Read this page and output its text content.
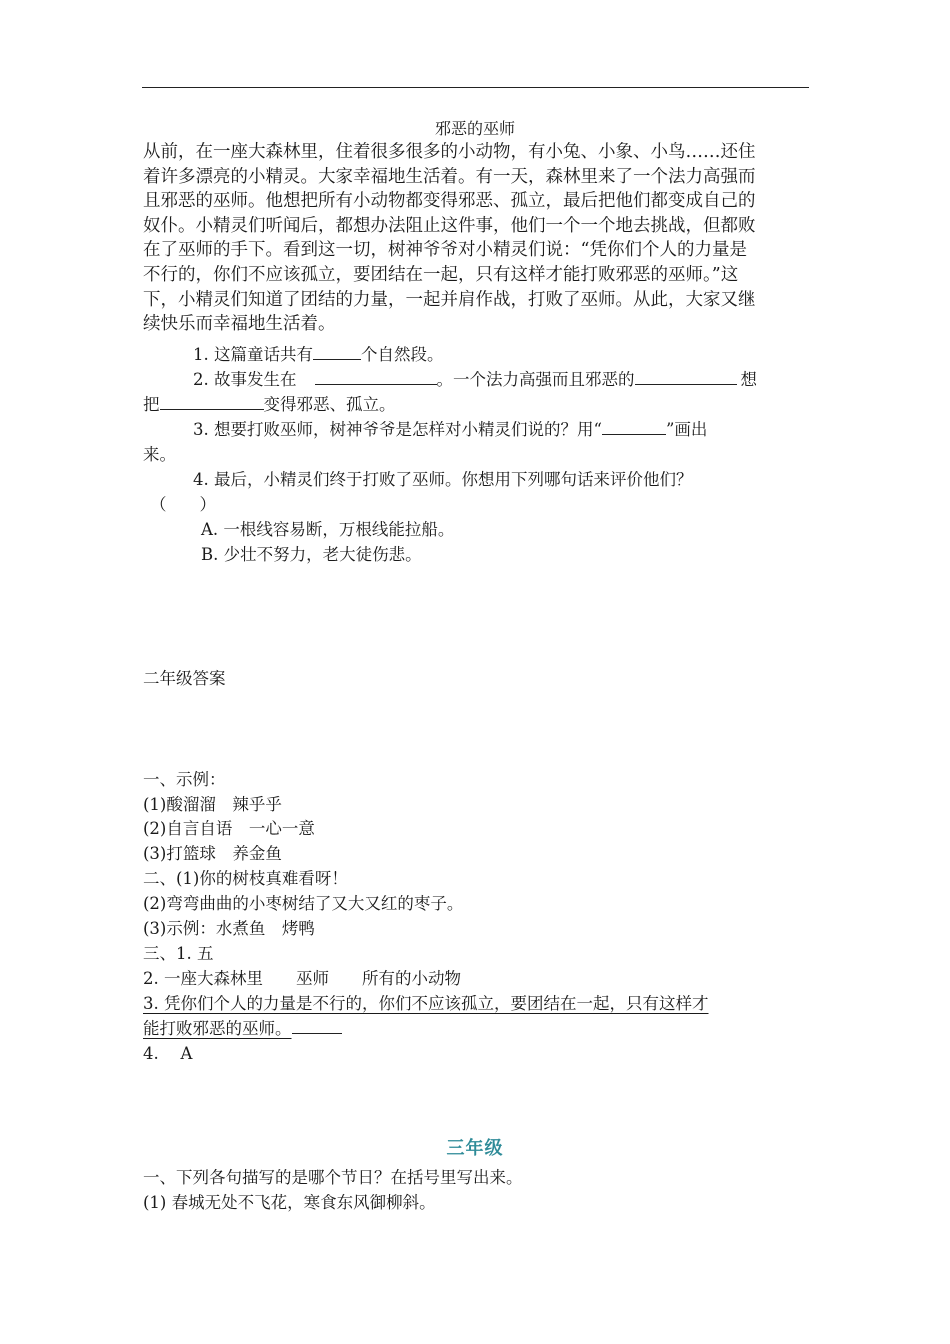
邪恶的巫师
从前，在一座大森林里，住着很多很多的小动物，有小兔、小象、小鸟……还住
着许多漂亮的小精灵。大家幸福地生活着。有一天，森林里来了一个法力高强而
且邪恶的巫师。他想把所有小动物都变得邪恶、孤立，最后把他们都变成自己的
奴仆。小精灵们听闻后，都想办法阻止这件事，他们一个一个地去挑战，但都败
在了巫师的手下。看到这一切，树神爷爷对小精灵们说：“凭你们个人的力量是
不行的，你们不应该孤立，要团结在一起，只有这样才能打败邪恶的巫师。”这
下，小精灵们知道了团结的力量，一起并肩作战，打败了巫师。从此，大家又继
续快乐而幸福地生活着。
1. 这篇童话共有	个自然段。
2. 故事发生在	。一个法力高强而且邪恶的	想
把	变得邪恶、孤立。
3. 想要打败巫师，树神爷爷是怎样对小精灵们说的？用“	”画出
来。
4. 最后，小精灵们终于打败了巫师。你想用下列哪句话来评价他们？
（　　）
A. 一根线容易断，万根线能拉船。
B. 少壮不努力，老大徒伤悲。
二年级答案
一、示例：
(1)酸溜溜　辣乎乎
(2)自言自语　一心一意
(3)打篮球　养金鱼
二、(1)你的树枝真难看呀！
(2)弯弯曲曲的小枣树结了又大又红的枣子。
(3)示例：水煮鱼　烤鸭
三、1. 五
2. 一座大森林里　　巫师　　所有的小动物
3. 凭你们个人的力量是不行的，你们不应该孤立，要团结在一起，只有这样才
能打败邪恶的巫师。
4.　 A
三年级
一、下列各句描写的是哪个节日？在括号里写出来。
(1) 春城无处不飞花，寒食东风御柳斜。
